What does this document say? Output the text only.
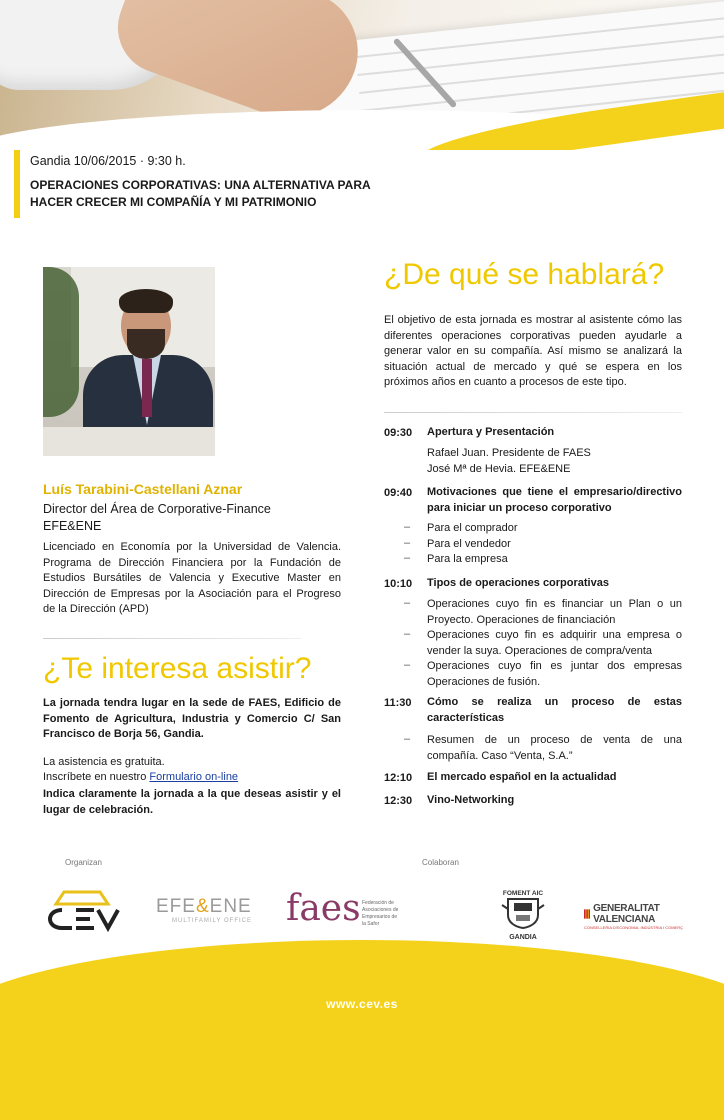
Gandia 10/06/2015 · 9:30 h.
OPERACIONES CORPORATIVAS: UNA ALTERNATIVA PARA
HACER CRECER MI COMPAÑÍA Y MI PATRIMONIO
Luís Tarabini-Castellani Aznar
Director del Área de Corporative-Finance
EFE&ENE
Licenciado en Economía por la Universidad de Valencia. Programa de Dirección Financiera por la Fundación de Estudios Bursátiles de Valencia y Executive Master en Dirección de Empresas por la Asociación para el Progreso de la Dirección (APD)
¿Te interesa asistir?
La jornada tendra lugar en la sede de FAES, Edificio de Fomento de Agricultura, Industria y Comercio C/ San Francisco de Borja 56, Gandia.
La asistencia es gratuita.
Inscríbete en nuestro Formulario on-line
Indica claramente la jornada a la que deseas asistir y el lugar de celebración.
¿De qué se hablará?
El objetivo de esta jornada es mostrar al asistente cómo las diferentes operaciones corporativas pueden ayudarle a generar valor en su compañía. Así mismo se analizará la situación actual de mercado y qué se espera en los próximos años en cuanto a procesos de este tipo.
09:30 Apertura y Presentación
Rafael Juan. Presidente de FAES
José Mª de Hevia. EFE&ENE
09:40 Motivaciones que tiene el empresario/directivo para iniciar un proceso corporativo
– Para el comprador
– Para el vendedor
– Para la empresa
10:10 Tipos de operaciones corporativas
– Operaciones cuyo fin es financiar un Plan o un Proyecto. Operaciones de financiación
– Operaciones cuyo fin es adquirir una empresa o vender la suya. Operaciones de compra/venta
– Operaciones cuyo fin es juntar dos empresas Operaciones de fusión.
11:30 Cómo se realiza un proceso de estas características
– Resumen de un proceso de venta de una compañía. Caso “Venta, S.A.”
12:10 El mercado español en la actualidad
12:30 Vino-Networking
Organizan	Colaboran
EFE&ENE
MULTIFAMILY OFFICE faes Federación de Asociaciones de Empresarios de la Safor
FOMENT AIC
GANDIA
GENERALITAT VALENCIANA
CONSELLERIA D'ECONOMIA, INDÚSTRIA I COMERÇ
www.cev.es
